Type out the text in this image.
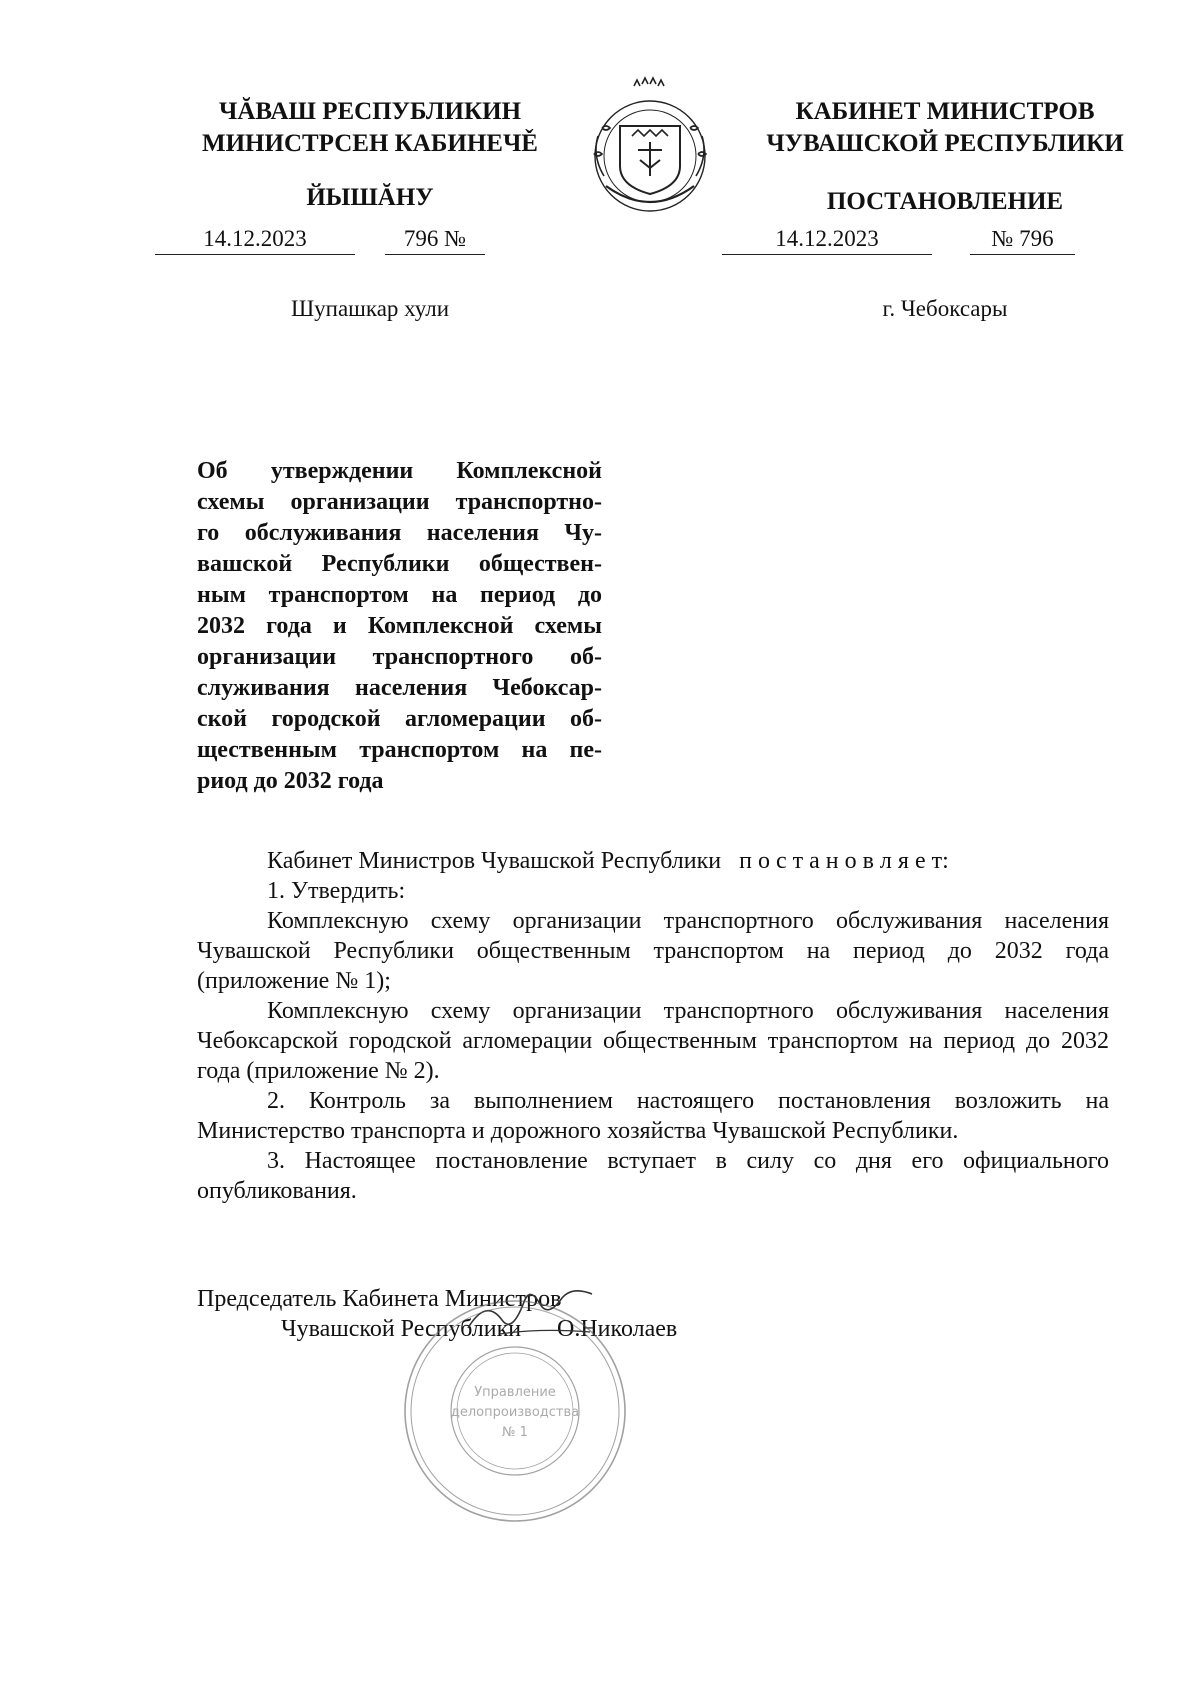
ЧĂВАШ РЕСПУБЛИКИН
МИНИСТРСЕН КАБИНЕЧĚ
ЙЫШĂНУ
КАБИНЕТ МИНИСТРОВ
ЧУВАШСКОЙ РЕСПУБЛИКИ
ПОСТАНОВЛЕНИЕ
14.12.2023	796 №
Шупашкар хули
14.12.2023	№ 796
г. Чебоксары
Об утверждении Комплексной
схемы организации транспортно-
го обслуживания населения Чу-
вашской Республики обществен-
ным транспортом на период до
2032 года и Комплексной схемы
организации транспортного об-
служивания населения Чебоксар-
ской городской агломерации об-
щественным транспортом на пе-
риод до 2032 года

Кабинет Министров Чувашской Республики п о с т а н о в л я е т:

1. Утвердить:

Комплексную схему организации транспортного обслуживания населения Чувашской Республики общественным транспортом на период до 2032 года (приложение № 1);

Комплексную схему организации транспортного обслуживания населения Чебоксарской городской агломерации общественным транспортом на период до 2032 года (приложение № 2).

2. Контроль за выполнением настоящего постановления возложить на Министерство транспорта и дорожного хозяйства Чувашской Республики.

3. Настоящее постановление вступает в силу со дня его официального опубликования.

Председатель Кабинета Министров
Чувашской Республики О.Николаев
Управление
делопроизводства
№ 1
